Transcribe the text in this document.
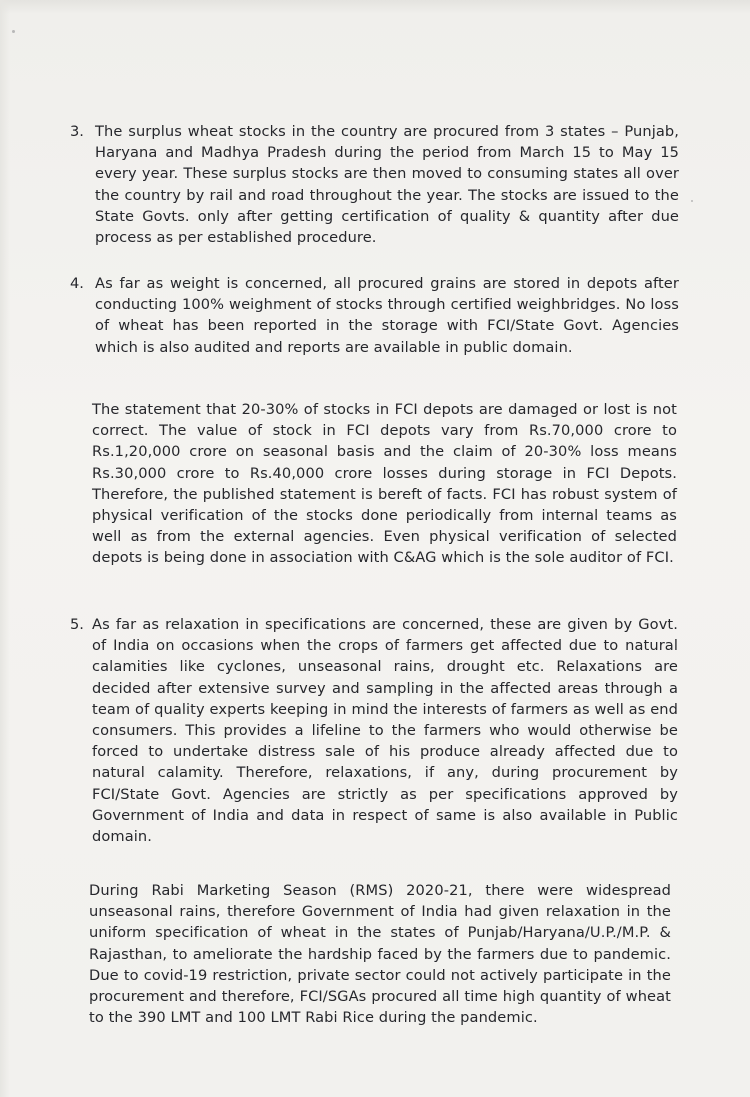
3. The surplus wheat stocks in the country are procured from 3 states – Punjab, Haryana and Madhya Pradesh during the period from March 15 to May 15 every year. These surplus stocks are then moved to consuming states all over the country by rail and road throughout the year. The stocks are issued to the State Govts. only after getting certification of quality & quantity after due process as per established procedure.
4. As far as weight is concerned, all procured grains are stored in depots after conducting 100% weighment of stocks through certified weighbridges. No loss of wheat has been reported in the storage with FCI/State Govt. Agencies which is also audited and reports are available in public domain.
The statement that 20-30% of stocks in FCI depots are damaged or lost is not correct. The value of stock in FCI depots vary from Rs.70,000 crore to Rs.1,20,000 crore on seasonal basis and the claim of 20-30% loss means Rs.30,000 crore to Rs.40,000 crore losses during storage in FCI Depots. Therefore, the published statement is bereft of facts. FCI has robust system of physical verification of the stocks done periodically from internal teams as well as from the external agencies. Even physical verification of selected depots is being done in association with C&AG which is the sole auditor of FCI.
5. As far as relaxation in specifications are concerned, these are given by Govt. of India on occasions when the crops of farmers get affected due to natural calamities like cyclones, unseasonal rains, drought etc. Relaxations are decided after extensive survey and sampling in the affected areas through a team of quality experts keeping in mind the interests of farmers as well as end consumers. This provides a lifeline to the farmers who would otherwise be forced to undertake distress sale of his produce already affected due to natural calamity. Therefore, relaxations, if any, during procurement by FCI/State Govt. Agencies are strictly as per specifications approved by Government of India and data in respect of same is also available in Public domain.
During Rabi Marketing Season (RMS) 2020-21, there were widespread unseasonal rains, therefore Government of India had given relaxation in the uniform specification of wheat in the states of Punjab/Haryana/U.P./M.P. & Rajasthan, to ameliorate the hardship faced by the farmers due to pandemic. Due to covid-19 restriction, private sector could not actively participate in the procurement and therefore, FCI/SGAs procured all time high quantity of wheat to the 390 LMT and 100 LMT Rabi Rice during the pandemic.
